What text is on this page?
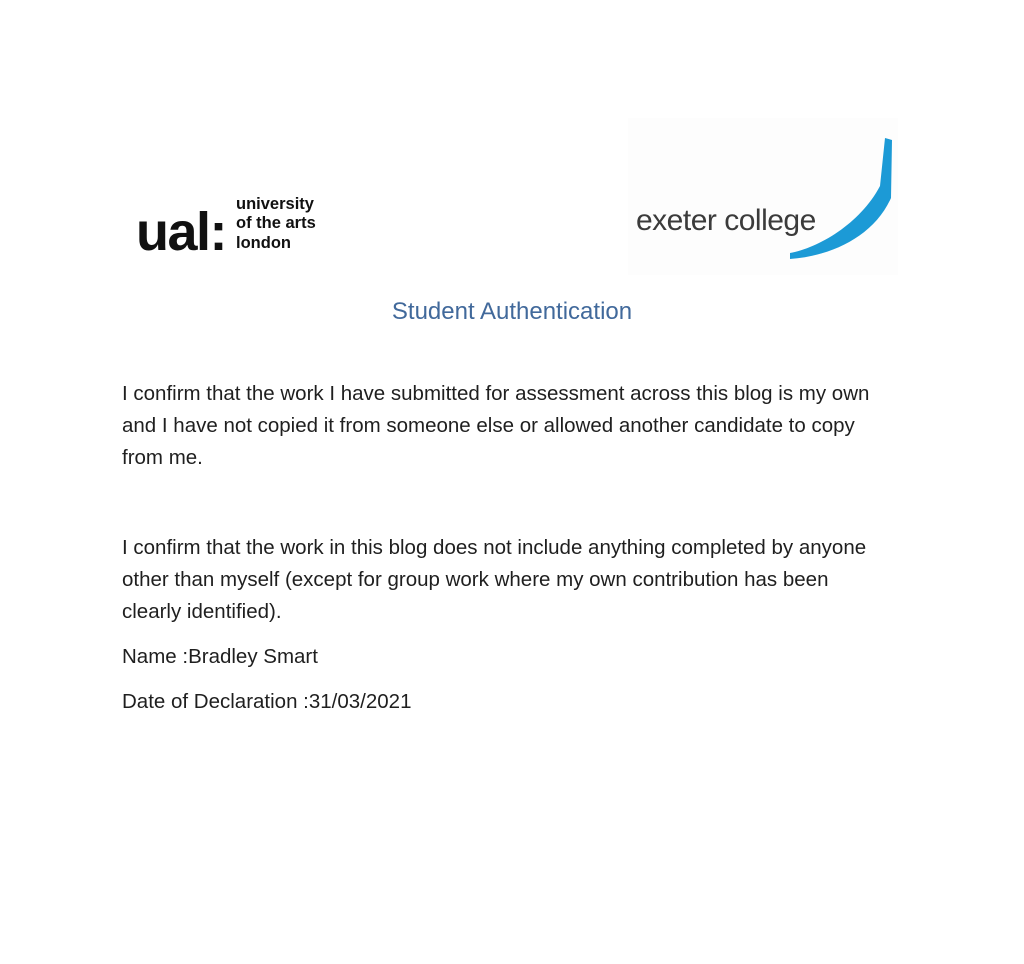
ual: university
of the arts
london
exeter college
Student Authentication

I confirm that the work I have submitted for assessment across this blog is my own and I have not copied it from someone else or allowed another candidate to copy from me.

I confirm that the work in this blog does not include anything completed by anyone other than myself (except for group work where my own contribution has been clearly identified).

Name :Bradley Smart
Date of Declaration :31/03/2021
